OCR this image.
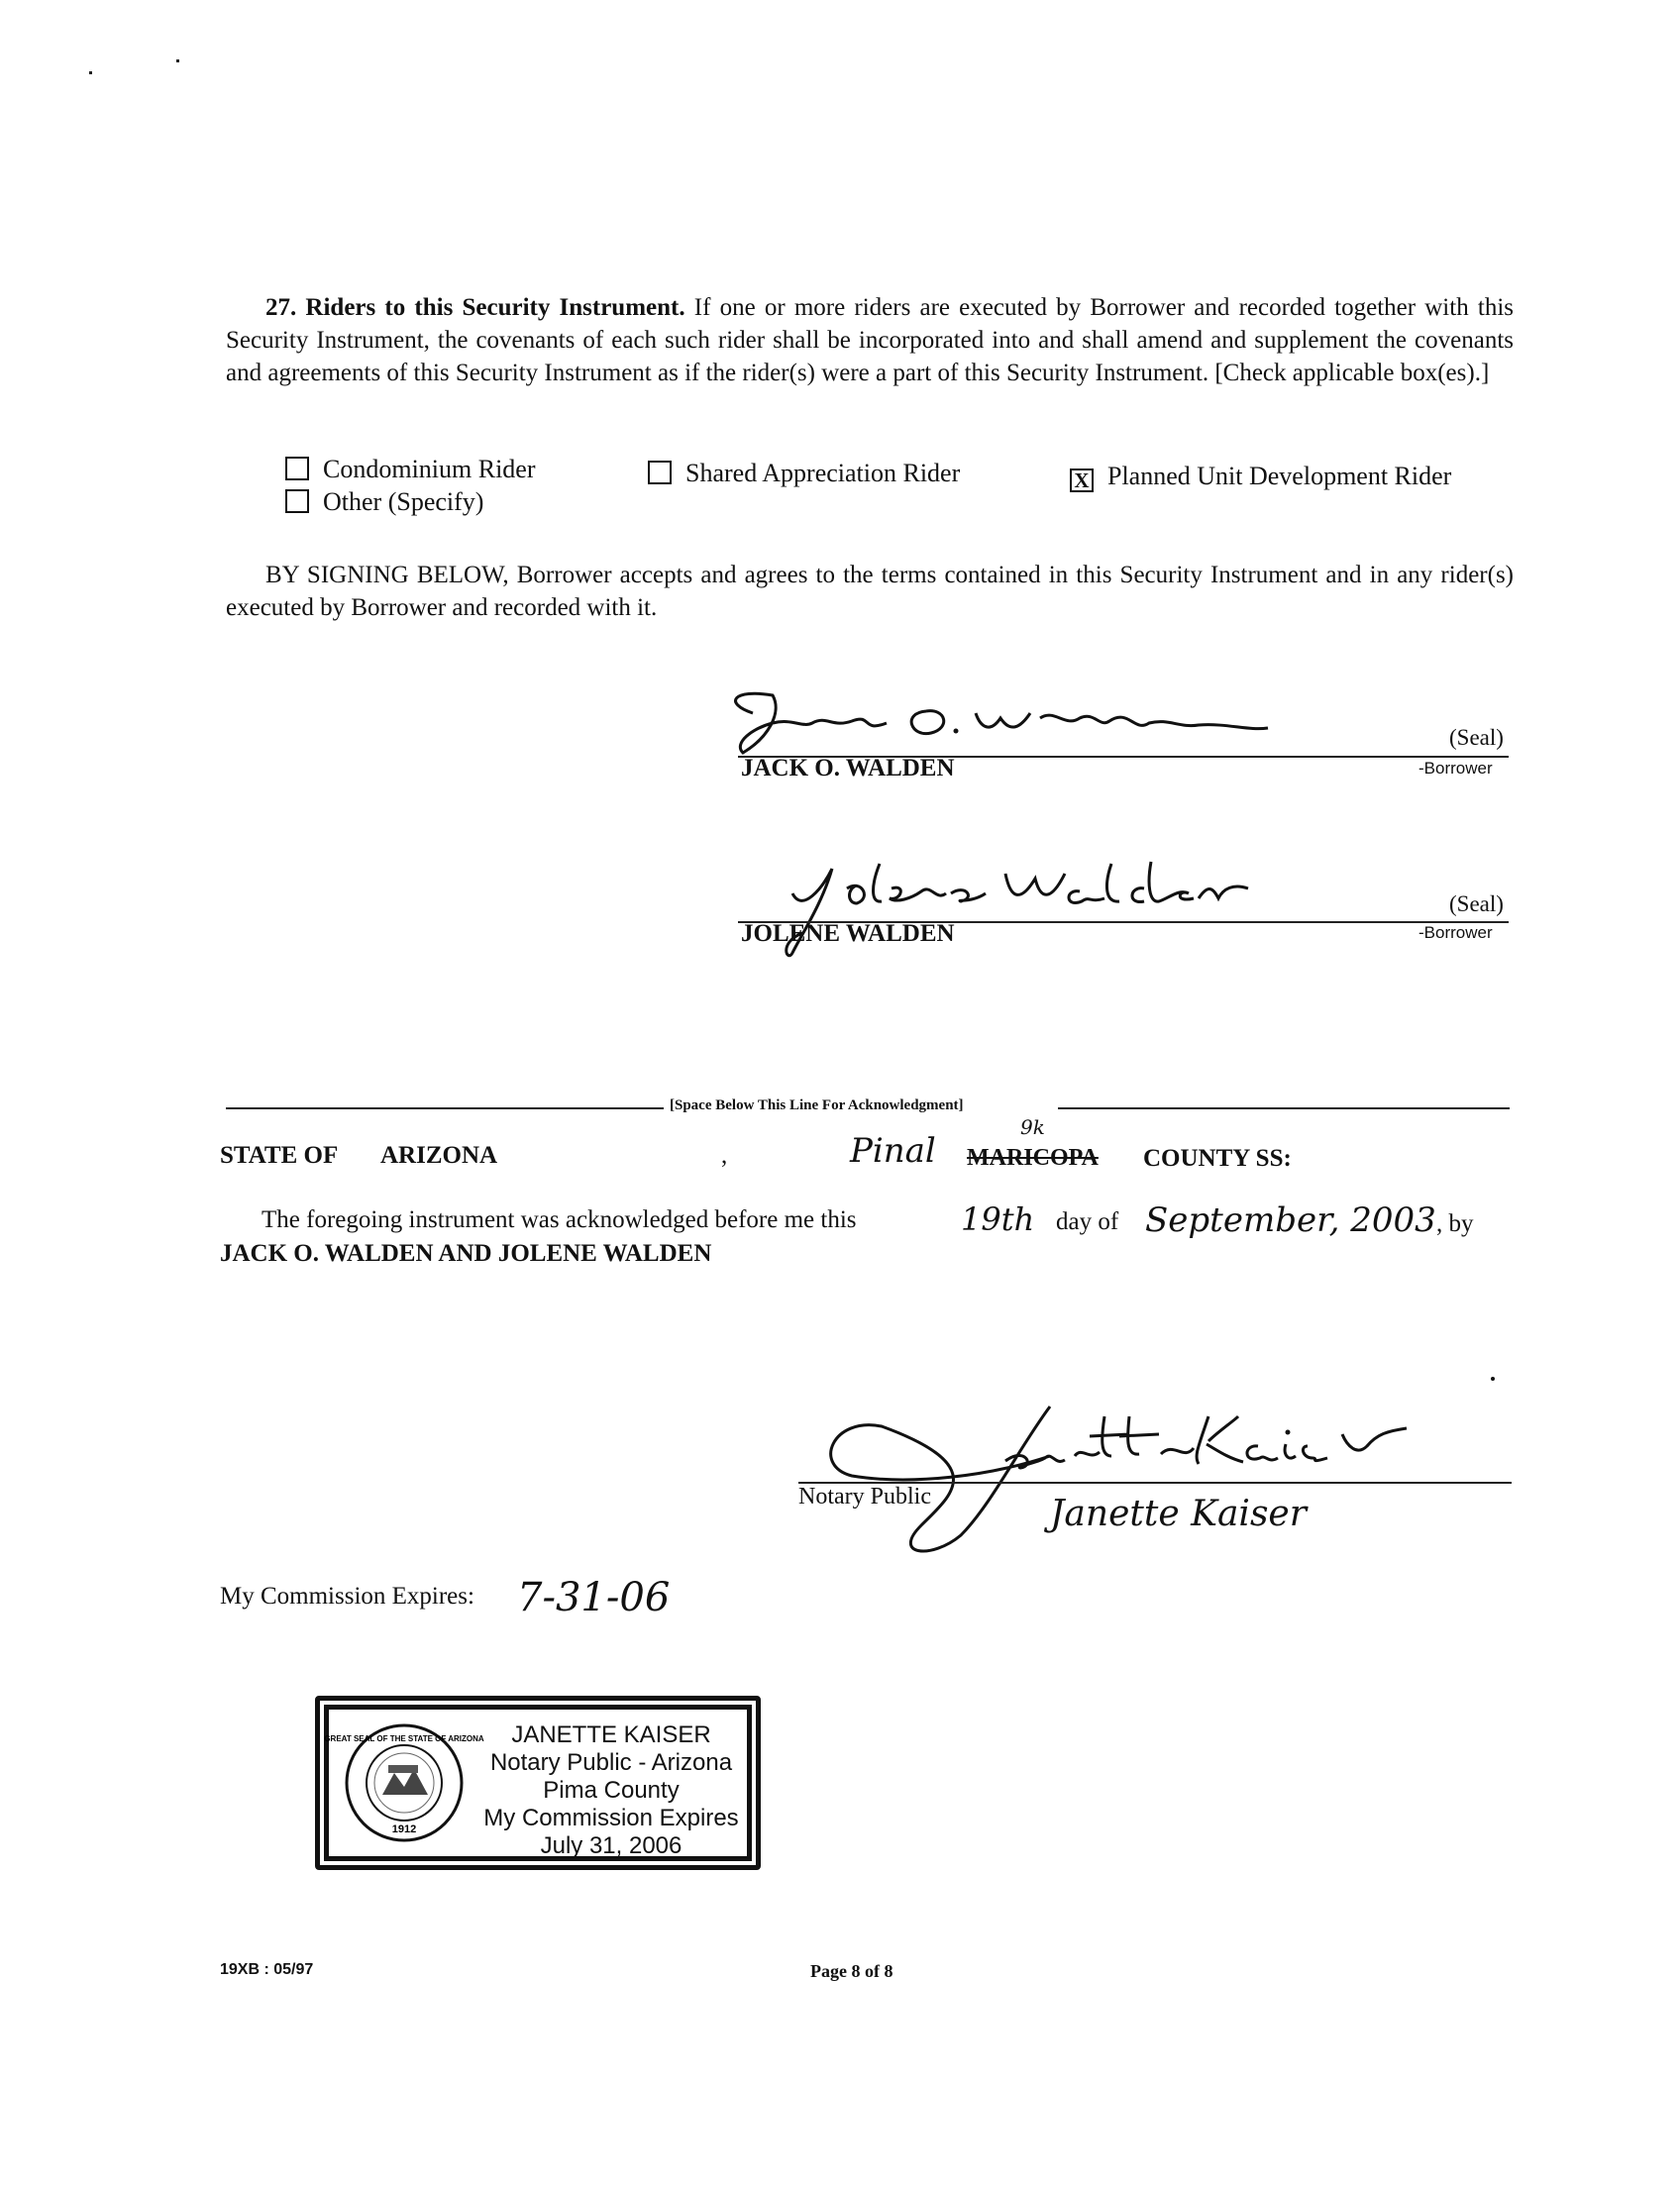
27. Riders to this Security Instrument. If one or more riders are executed by Borrower and recorded together with this Security Instrument, the covenants of each such rider shall be incorporated into and shall amend and supplement the covenants and agreements of this Security Instrument as if the rider(s) were a part of this Security Instrument. [Check applicable box(es).]
Condominium Rider	Shared Appreciation Rider	X Planned Unit Development Rider
Other (Specify)
BY SIGNING BELOW, Borrower accepts and agrees to the terms contained in this Security Instrument and in any rider(s) executed by Borrower and recorded with it.
JACK O. WALDEN
(Seal)
-Borrower
JOLENE WALDEN
(Seal)
-Borrower
[Space Below This Line For Acknowledgment]
STATE OF ARIZONA	,	Pinal
9k
MARICOPA COUNTY SS:
The foregoing instrument was acknowledged before me this	19th day of September, 2003 , by
JACK O. WALDEN AND JOLENE WALDEN
Notary Public	Janette Kaiser
My Commission Expires: 7-31-06
1912
GREAT SEAL OF THE STATE OF ARIZONA	JANETTE KAISER
Notary Public - Arizona
Pima County
My Commission Expires
July 31, 2006
19XB : 05/97	Page 8 of 8
